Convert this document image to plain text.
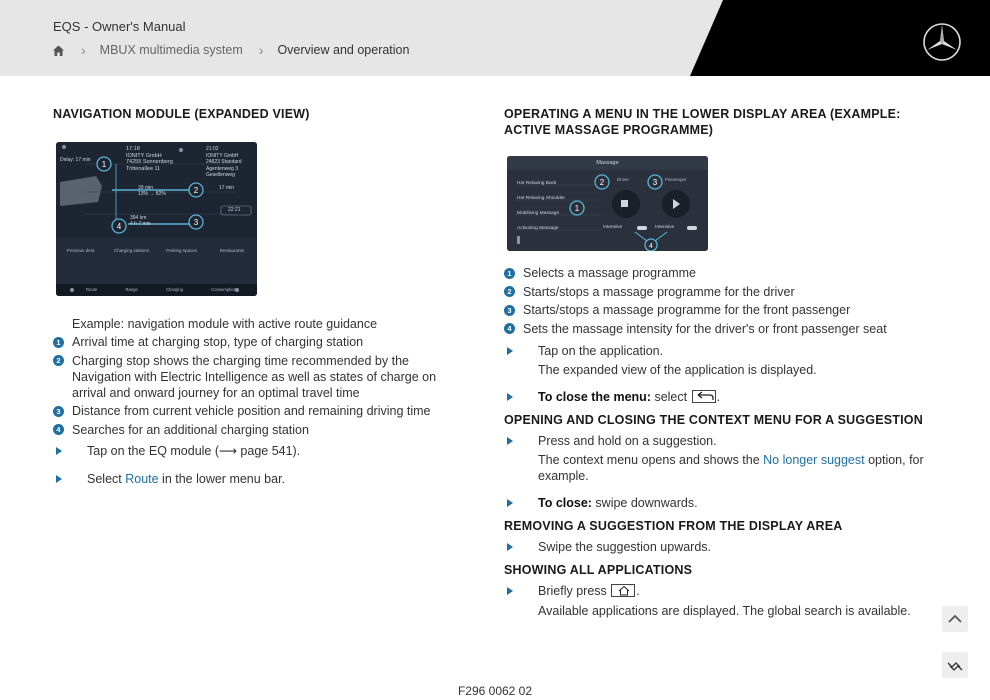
EQS - Owner's Manual
› MBUX multimedia system › Overview and operation
NAVIGATION MODULE (EXPANDED VIEW)
1
2
3
4
17:18
IONITY GmbH
74255 Sonnenberg
Trittenallee 11
21:02
IONITY GmbH
24823 Standard
Agentenweg 3 Gesellenweg
Delay: 17 min
39 min
13% → 82%
17 min
394 km
4 h 7 min
22:21
Previous dest.	Charging stations	Parking spaces	Restaurants
Route	Range	Charging	Consumption
Example: navigation module with active route guidance
1 Arrival time at charging stop, type of charging station
2 Charging stop shows the charging time recommended by the Navigation with Electric Intelligence as well as states of charge on arrival and onward journey for an optimal travel time
3 Distance from current vehicle position and remaining driving time
4 Searches for an additional charging station
Tap on the EQ module (⟶ page 541).
Select Route in the lower menu bar.
OPERATING A MENU IN THE LOWER DISPLAY AREA (EXAMPLE: ACTIVE MASSAGE PROGRAMME)
2	3
1
4
Massage
Hot Relaxing Back
Hot Relaxing Shoulder
Mobilising Massage
Activating Massage
Driver	Passenger
Intensive	Intensive
1 Selects a massage programme
2 Starts/stops a massage programme for the driver
3 Starts/stops a massage programme for the front passenger
4 Sets the massage intensity for the driver's or front passenger seat
Tap on the application.
The expanded view of the application is displayed.
To close the menu: select
.
OPENING AND CLOSING THE CONTEXT MENU FOR A SUGGESTION
Press and hold on a suggestion.
The context menu opens and shows the No longer suggest option, for example.
To close: swipe downwards.
REMOVING A SUGGESTION FROM THE DISPLAY AREA
Swipe the suggestion upwards.
SHOWING ALL APPLICATIONS
Briefly press
.
Available applications are displayed. The global search is available.
F296 0062 02
